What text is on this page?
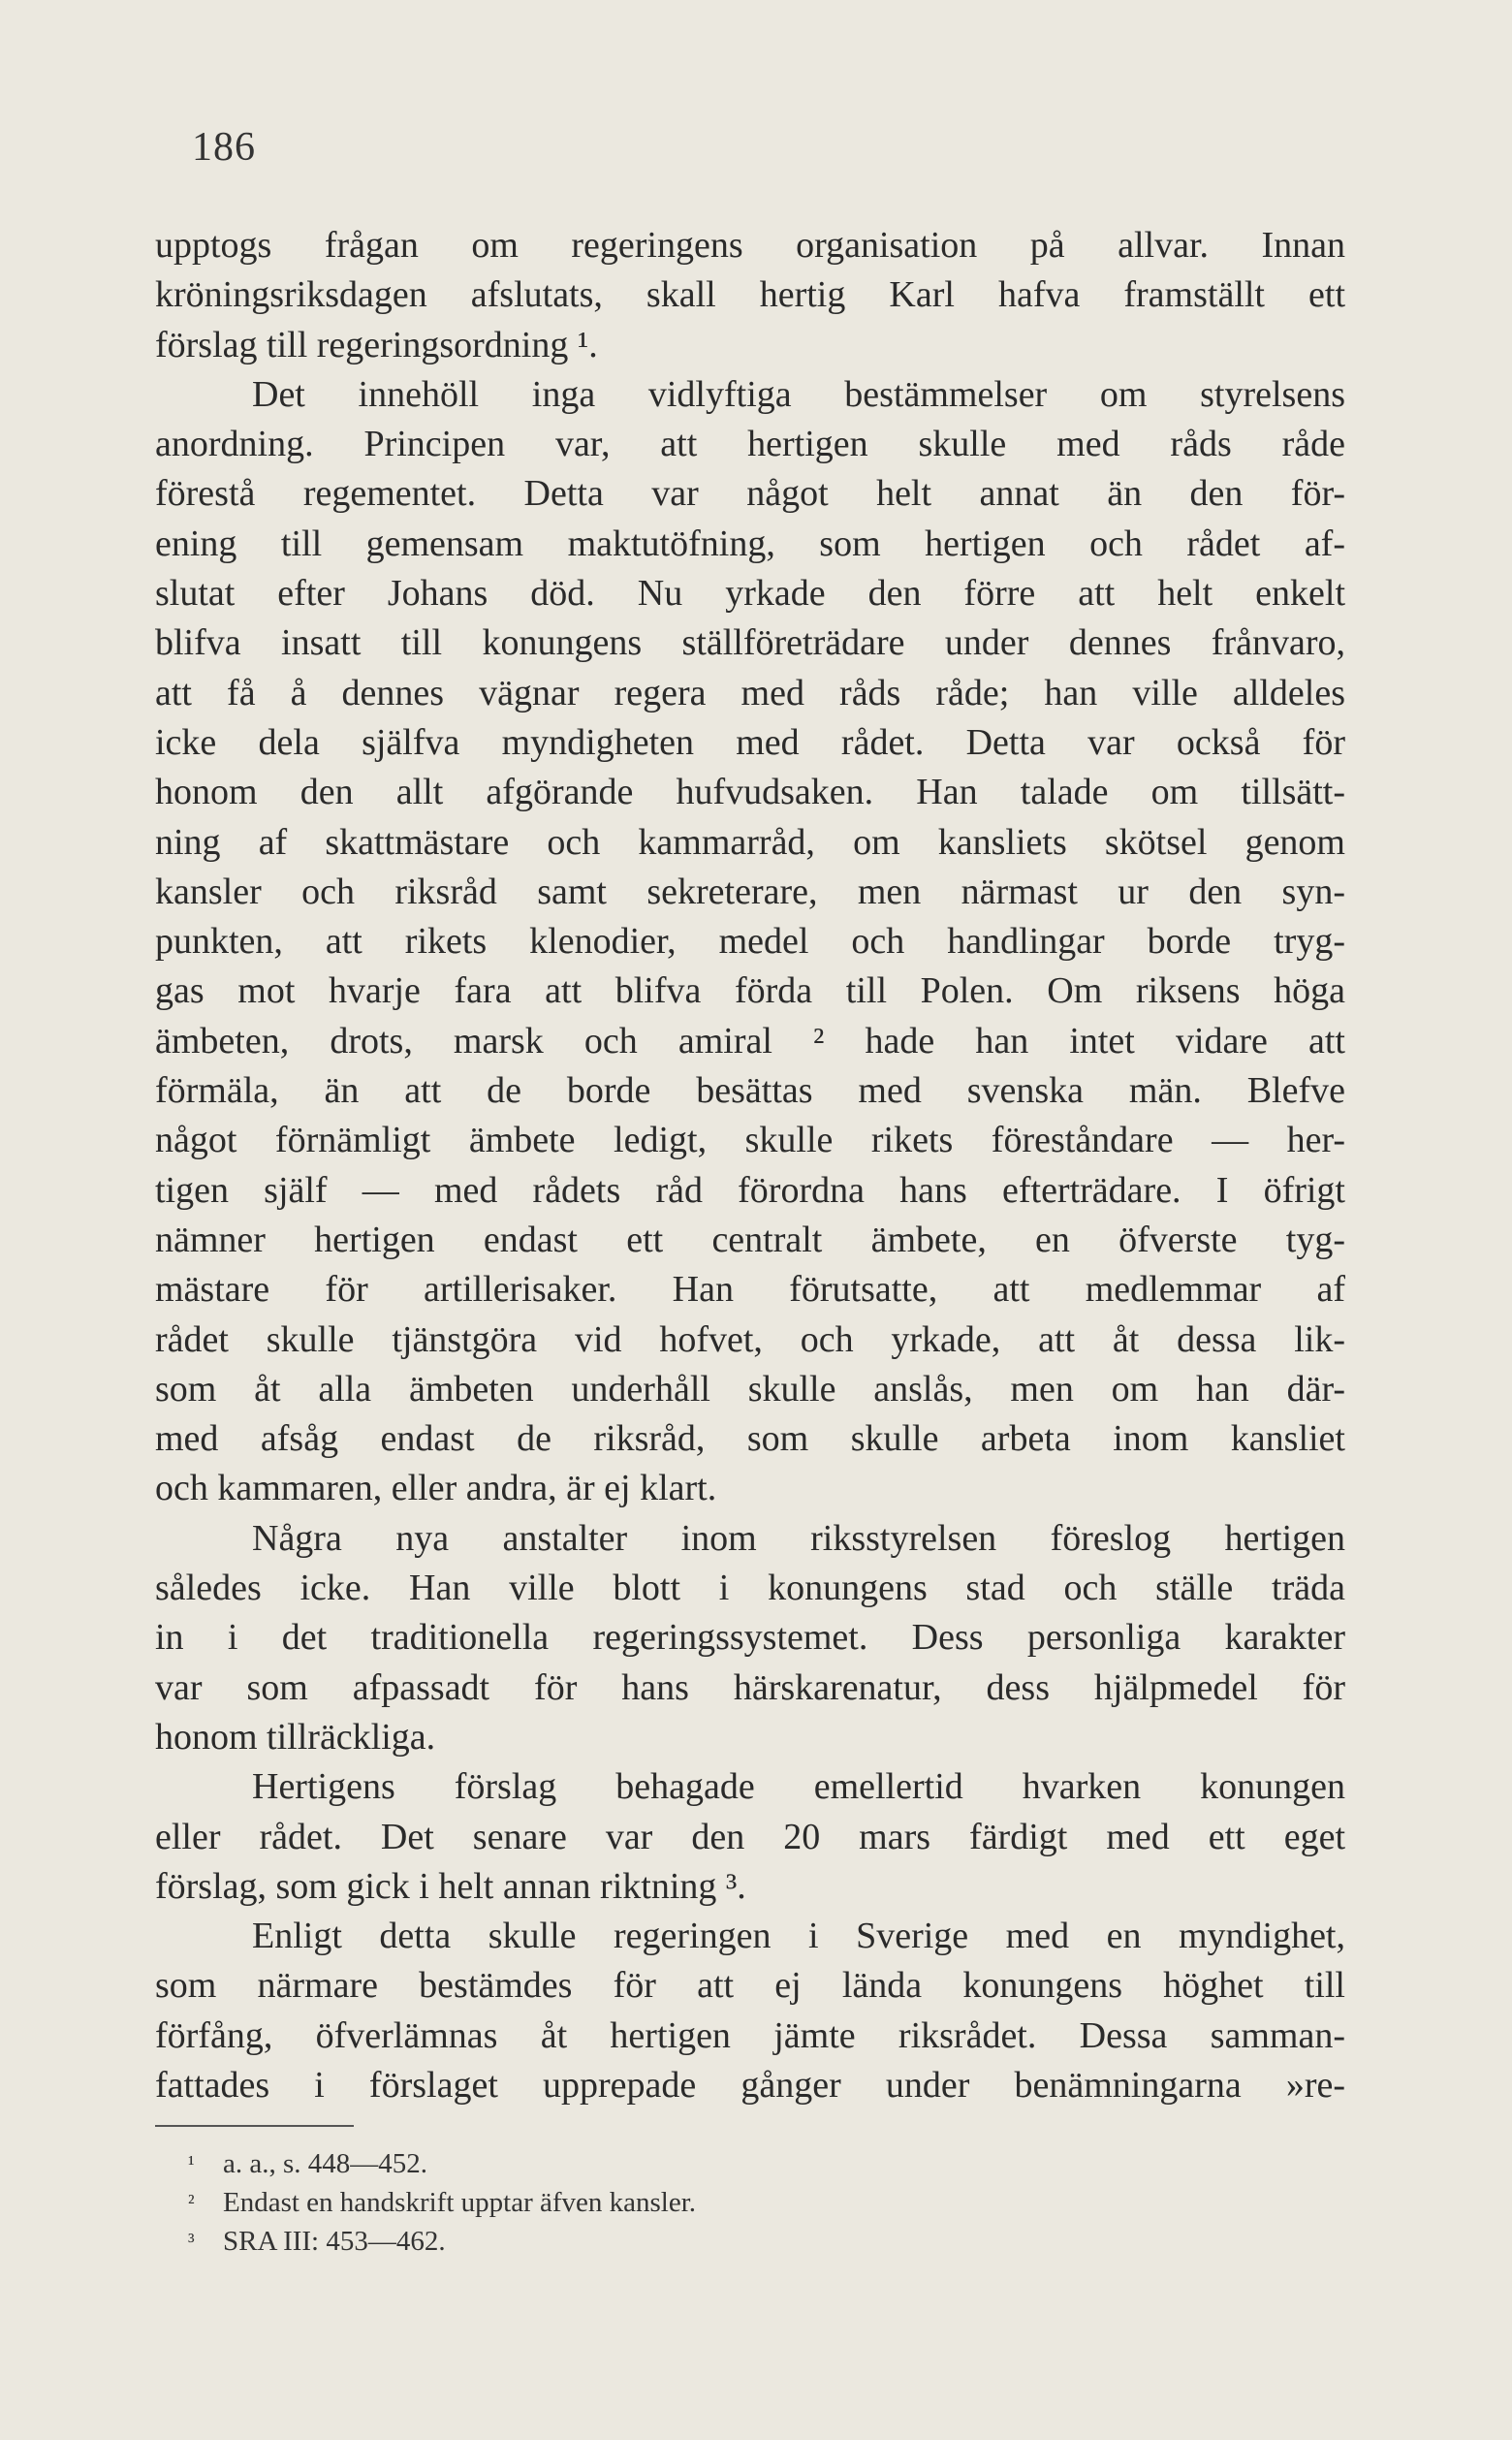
186
upptogs frågan om regeringens organisation på allvar. Innan
kröningsriksdagen afslutats, skall hertig Karl hafva framställt ett
förslag till regeringsordning ¹.
Det innehöll inga vidlyftiga bestämmelser om styrelsens
anordning. Principen var, att hertigen skulle med råds råde
förestå regementet. Detta var något helt annat än den för-
ening till gemensam maktutöfning, som hertigen och rådet af-
slutat efter Johans död. Nu yrkade den förre att helt enkelt
blifva insatt till konungens ställföreträdare under dennes frånvaro,
att få å dennes vägnar regera med råds råde; han ville alldeles
icke dela själfva myndigheten med rådet. Detta var också för
honom den allt afgörande hufvudsaken. Han talade om tillsätt-
ning af skattmästare och kammarråd, om kansliets skötsel genom
kansler och riksråd samt sekreterare, men närmast ur den syn-
punkten, att rikets klenodier, medel och handlingar borde tryg-
gas mot hvarje fara att blifva förda till Polen. Om riksens höga
ämbeten, drots, marsk och amiral ² hade han intet vidare att
förmäla, än att de borde besättas med svenska män. Blefve
något förnämligt ämbete ledigt, skulle rikets föreståndare — her-
tigen själf — med rådets råd förordna hans efterträdare. I öfrigt
nämner hertigen endast ett centralt ämbete, en öfverste tyg-
mästare för artillerisaker. Han förutsatte, att medlemmar af
rådet skulle tjänstgöra vid hofvet, och yrkade, att åt dessa lik-
som åt alla ämbeten underhåll skulle anslås, men om han där-
med afsåg endast de riksråd, som skulle arbeta inom kansliet
och kammaren, eller andra, är ej klart.
Några nya anstalter inom riksstyrelsen föreslog hertigen
således icke. Han ville blott i konungens stad och ställe träda
in i det traditionella regeringssystemet. Dess personliga karakter
var som afpassadt för hans härskarenatur, dess hjälpmedel för
honom tillräckliga.
Hertigens förslag behagade emellertid hvarken konungen
eller rådet. Det senare var den 20 mars färdigt med ett eget
förslag, som gick i helt annan riktning ³.
Enligt detta skulle regeringen i Sverige med en myndighet,
som närmare bestämdes för att ej lända konungens höghet till
förfång, öfverlämnas åt hertigen jämte riksrådet. Dessa samman-
fattades i förslaget upprepade gånger under benämningarna »re-
¹ a. a., s. 448—452.
² Endast en handskrift upptar äfven kansler.
³ SRA III: 453—462.
